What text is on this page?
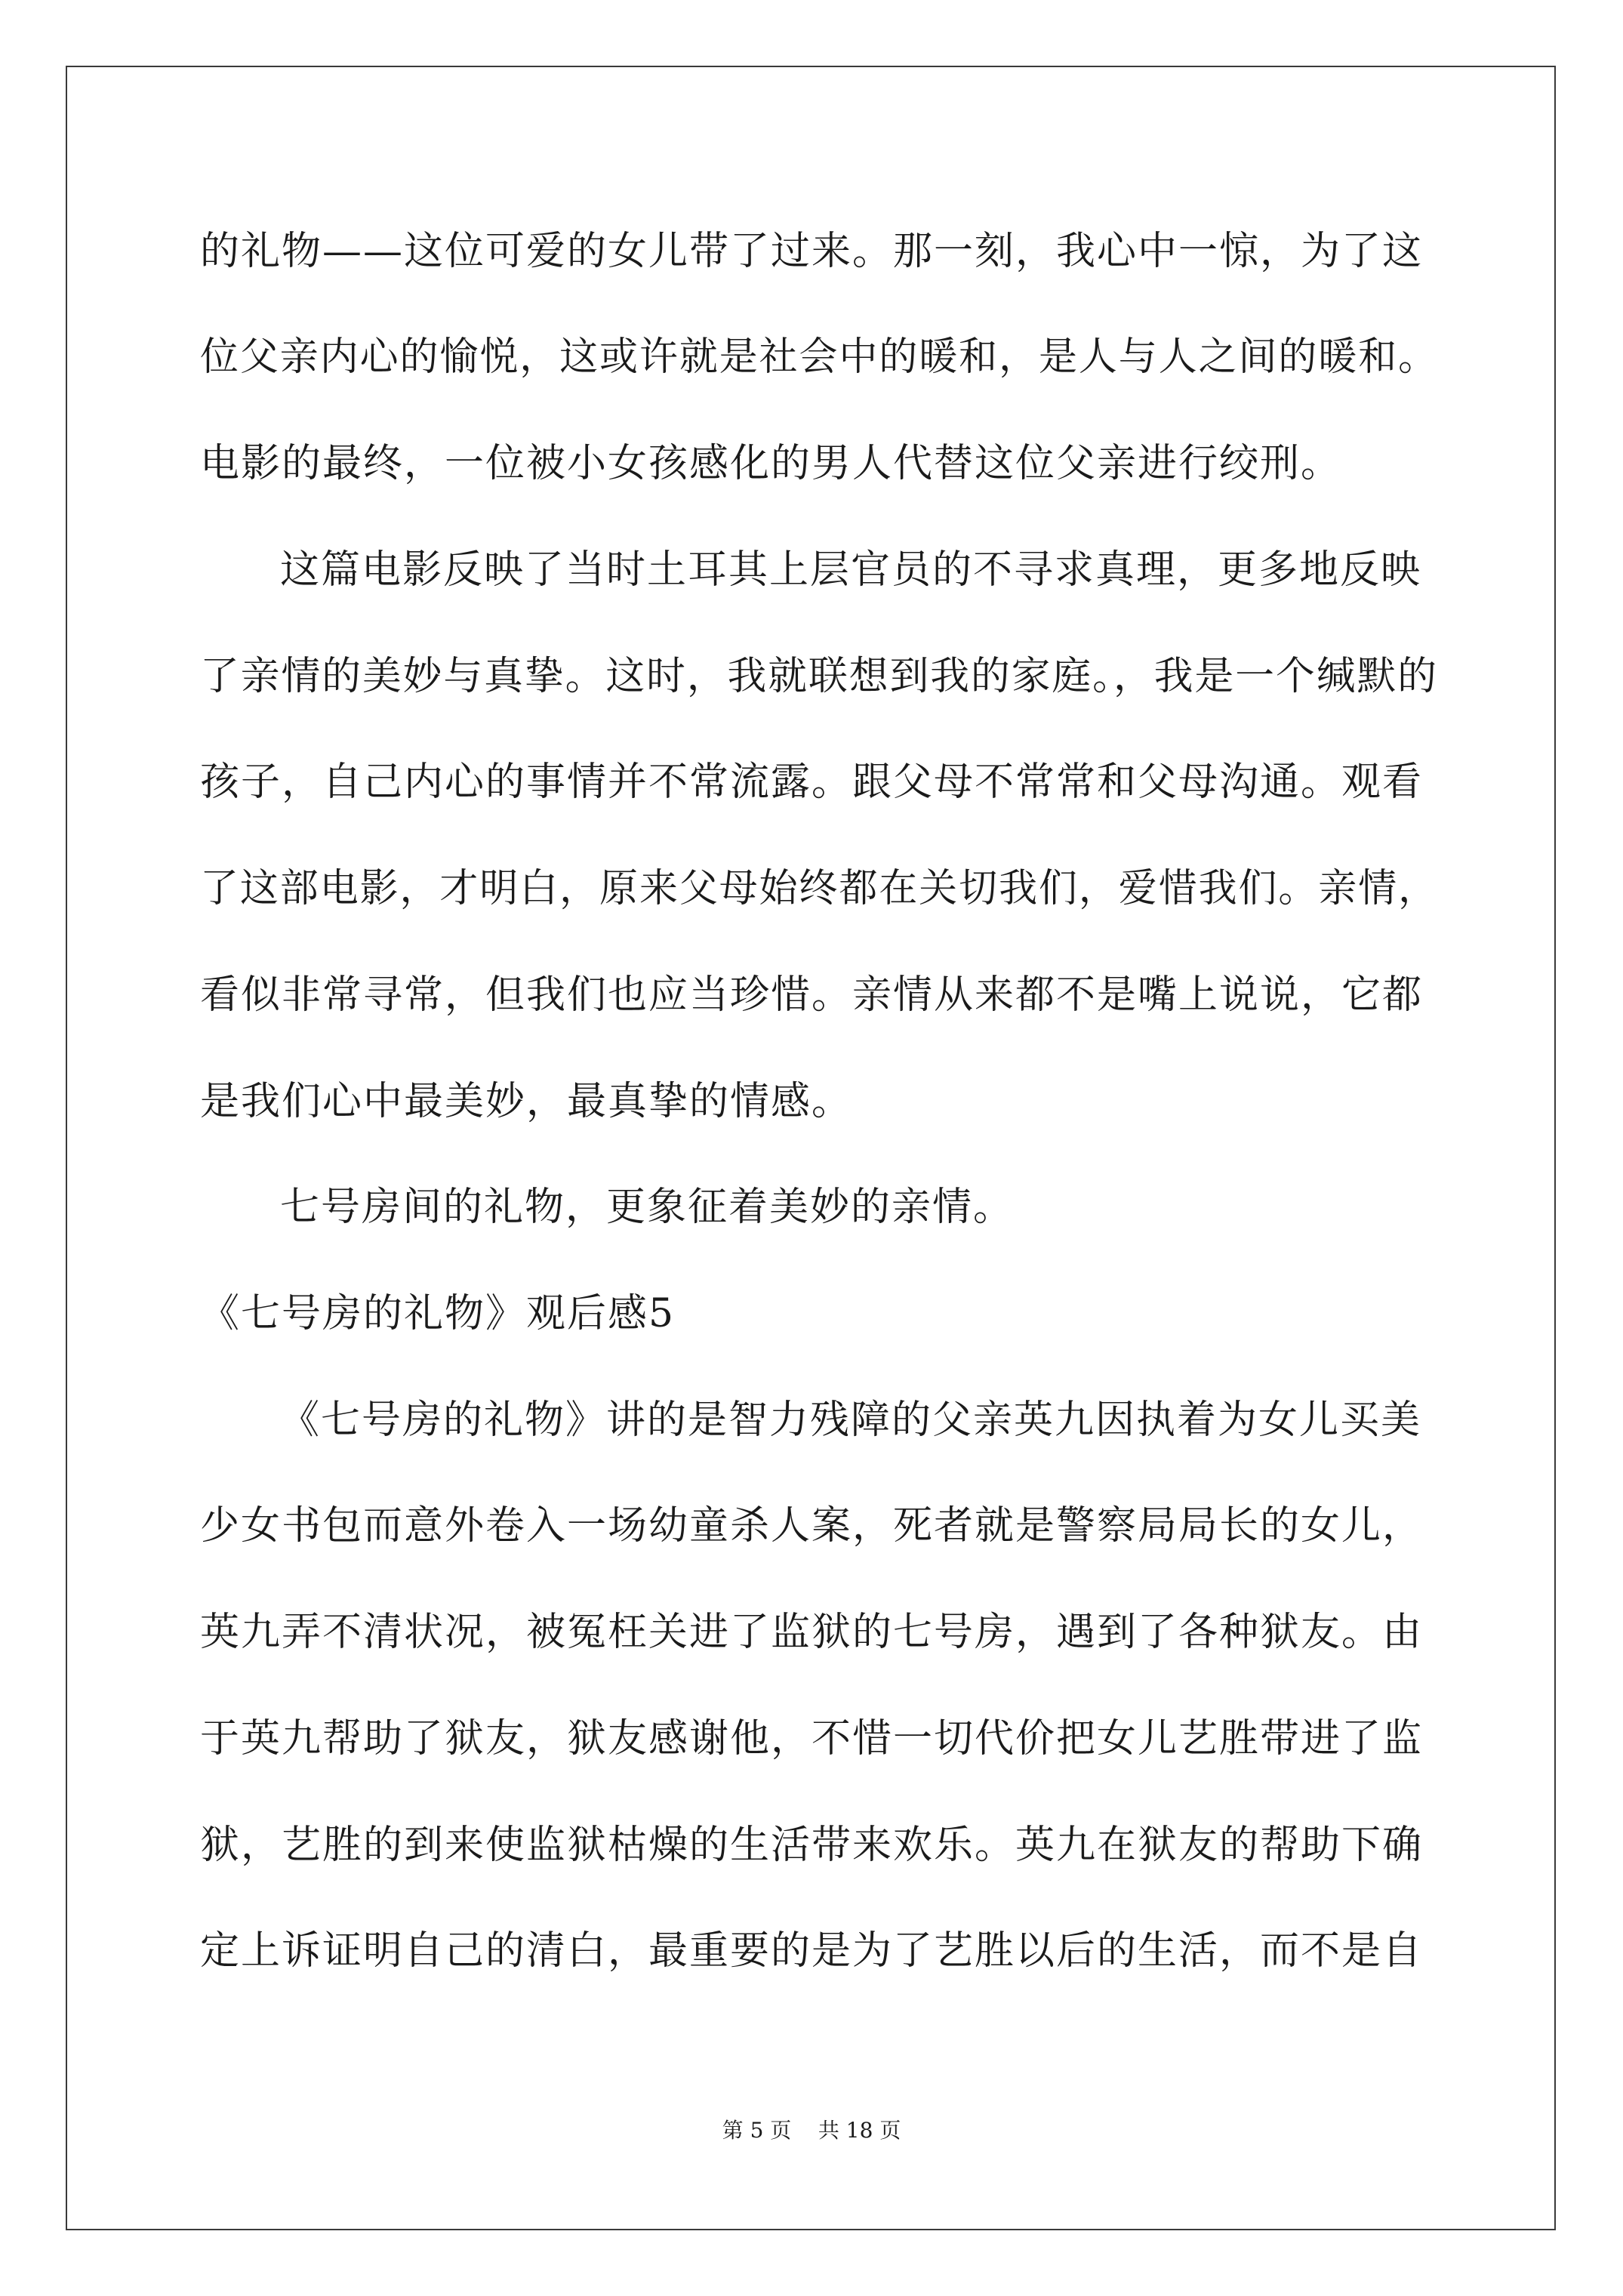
的礼物——这位可爱的女儿带了过来。那一刻，我心中一惊，为了这
位父亲内心的愉悦，这或许就是社会中的暖和，是人与人之间的暖和。
电影的最终，一位被小女孩感化的男人代替这位父亲进行绞刑。
这篇电影反映了当时土耳其上层官员的不寻求真理，更多地反映
了亲情的美妙与真挚。这时，我就联想到我的家庭。，我是一个缄默的
孩子，自己内心的事情并不常流露。跟父母不常常和父母沟通。观看
了这部电影，才明白，原来父母始终都在关切我们，爱惜我们。亲情，
看似非常寻常，但我们也应当珍惜。亲情从来都不是嘴上说说，它都
是我们心中最美妙，最真挚的情感。
七号房间的礼物，更象征着美妙的亲情。
《七号房的礼物》观后感5
《七号房的礼物》讲的是智力残障的父亲英九因执着为女儿买美
少女书包而意外卷入一场幼童杀人案，死者就是警察局局长的女儿，
英九弄不清状况，被冤枉关进了监狱的七号房，遇到了各种狱友。由
于英九帮助了狱友，狱友感谢他，不惜一切代价把女儿艺胜带进了监
狱，艺胜的到来使监狱枯燥的生活带来欢乐。英九在狱友的帮助下确
定上诉证明自己的清白，最重要的是为了艺胜以后的生活，而不是自
第 5 页    共 18 页
